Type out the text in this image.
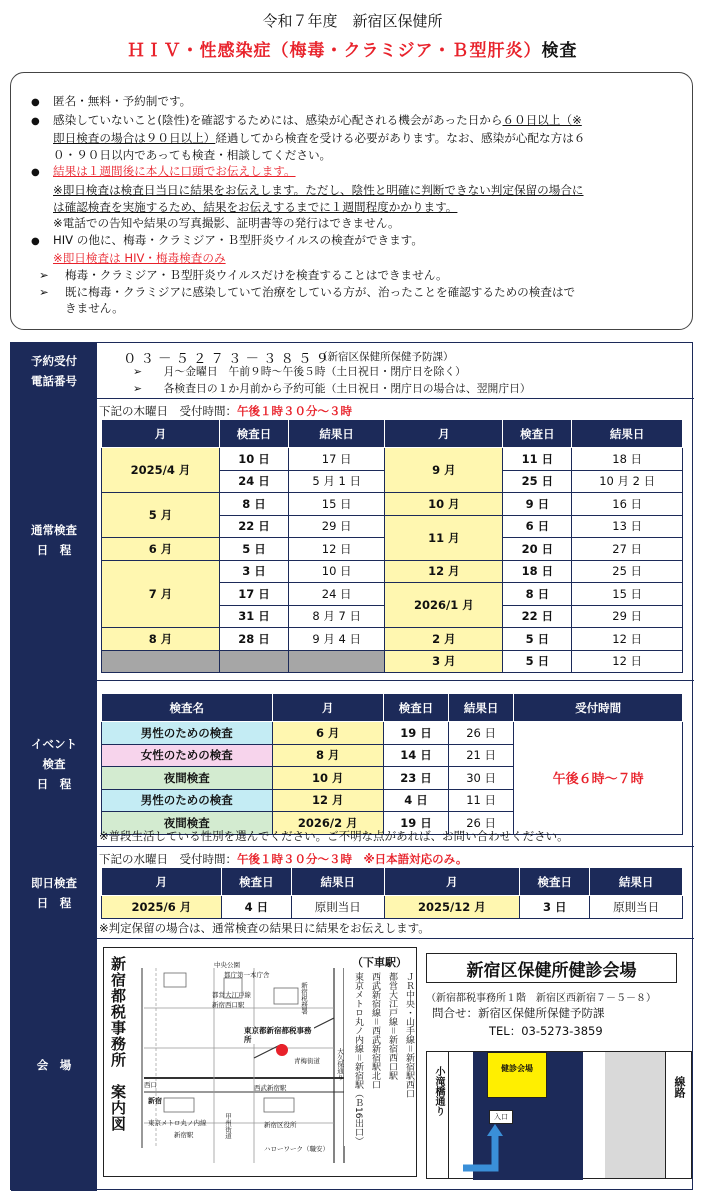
令和７年度　新宿区保健所
ＨＩＶ・性感染症（梅毒・クラミジア・Ｂ型肝炎）検査
●
匿名・無料・予約制です。
●
感染していないこと(陰性)を確認するためには、感染が心配される機会があった日から６０日以上（※
即日検査の場合は９０日以上）経過してから検査を受ける必要があります。なお、感染が心配な方は６
０・９０日以内であっても検査・相談してください。
●
結果は１週間後に本人に口頭でお伝えします。
※即日検査は検査日当日に結果をお伝えします。ただし、陰性と明確に判断できない判定保留の場合に
は確認検査を実施するため、結果をお伝えするまでに１週間程度かかります。
※電話での告知や結果の写真撮影、証明書等の発行はできません。
●
HIV の他に、梅毒・クラミジア・Ｂ型肝炎ウイルスの検査ができます。
※即日検査は HIV・梅毒検査のみ
➢	梅毒・クラミジア・Ｂ型肝炎ウイルスだけを検査することはできません。
➢	既に梅毒・クラミジアに感染していて治療をしている方が、治ったことを確認するための検査はで
きません。
予約受付
電話番号
０３－５２７３－３８５９
（新宿区保健所保健予防課）
➢　　 月～金曜日　午前９時～午後５時（土日祝日・閉庁日を除く）
➢　　 各検査日の１か月前から予約可能（土日祝日・閉庁日の場合は、翌開庁日）
通常検査
日　程
下記の木曜日　受付時間：午後１時３０分～３時
月	検査日	結果日	月	検査日	結果日
2025/4 月	10 日	17 日	9 月	11 日	18 日
	24 日	5 月 1 日		25 日	10 月 2 日
5 月	8 日	15 日	10 月	9 日	16 日
	22 日	29 日	11 月	6 日	13 日
6 月	5 日	12 日		20 日	27 日
7 月	3 日	10 日	12 月	18 日	25 日
	17 日	24 日	2026/1 月	8 日	15 日
	31 日	8 月 7 日		22 日	29 日
8 月	28 日	9 月 4 日	2 月	5 日	12 日
			3 月	5 日	12 日
イベント
検査
日　程
検査名	月	検査日	結果日	受付時間
男性のための検査	6 月	19 日	26 日	午後６時～７時
女性のための検査	8 月	14 日	21 日	
夜間検査	10 月	23 日	30 日	
男性のための検査	12 月	4 日	11 日	
夜間検査	2026/2 月	19 日	26 日	
※普段生活している性別を選んでください。ご不明な点があれば、お問い合わせください。
即日検査
日　程
下記の水曜日　受付時間：午後１時３０分～３時　 ※日本語対応のみ。
月	検査日	結果日	月	検査日	結果日
2025/6 月	4 日	原則当日	2025/12 月	3 日	原則当日
※判定保留の場合は、通常検査の結果日に結果をお伝えします。
会　場	新宿都税事務所　案内図	（下車駅）
ＪＲ中央・山手線＝新宿駅西口
都営大江戸線＝新宿西口駅
西武新宿線＝西武新宿駅北口
東京メトロ丸ノ内線＝新宿駅（Ｂ16出口）
中央公園
都庁第一本庁舎
都営大江戸線
新宿西口駅	新宿税務署
東京都新宿都税事務所
大久保通り
青梅街道
西武新宿駅
西口
新宿
東京メトロ丸ノ内線
新宿駅
新宿区役所
ハローワーク（職安）
甲州街道
新宿区保健所健診会場
（新宿都税事務所１階　新宿区西新宿７－５－８）
問合せ：新宿区保健所保健予防課
TEL：03-5273-3859
小滝橋通り	健診会場
入口
線路
